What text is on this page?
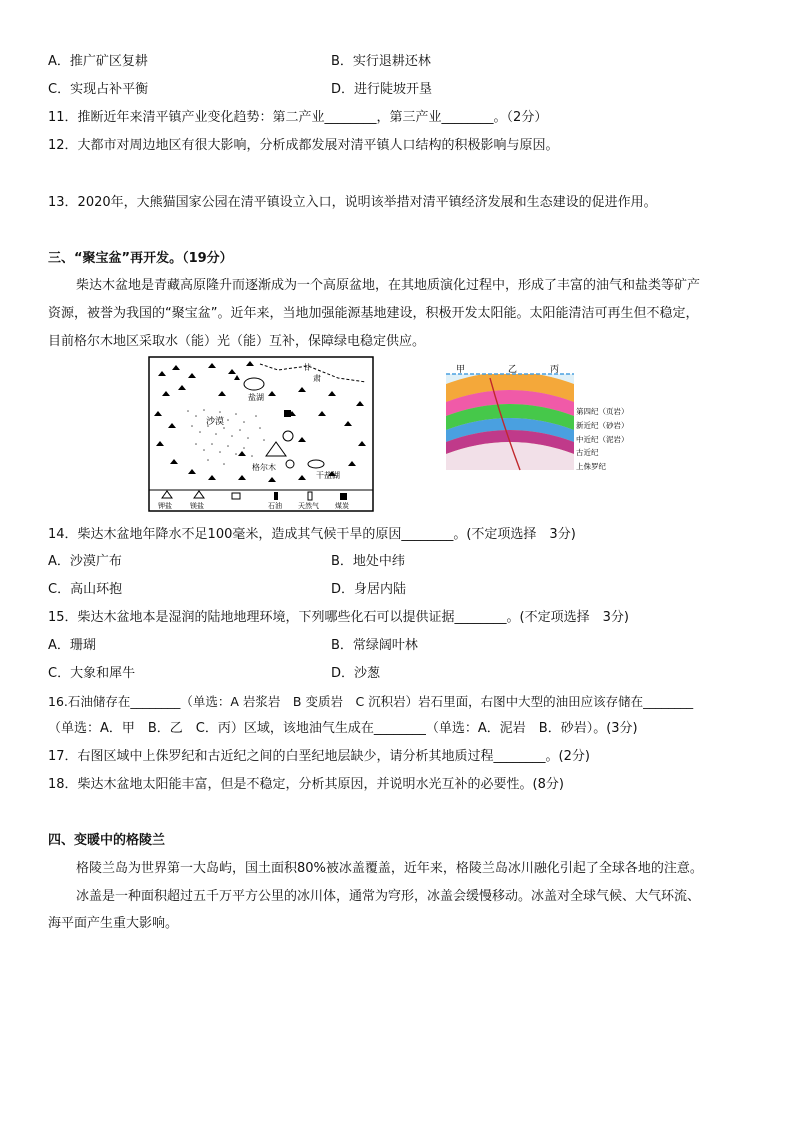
A．推广矿区复耕	B．实行退耕还林
C．实现占补平衡	D．进行陡坡开垦
11．推断近年来清平镇产业变化趋势：第二产业________，第三产业________。（2分）
12．大都市对周边地区有很大影响，分析成都发展对清平镇人口结构的积极影响与原因。
13．2020年，大熊猫国家公园在清平镇设立入口，说明该举措对清平镇经济发展和生态建设的促进作用。
三、“聚宝盆”再开发。（19分）
柴达木盆地是青藏高原隆升而逐渐成为一个高原盆地，在其地质演化过程中，形成了丰富的油气和盐类等矿产
资源，被誉为我国的“聚宝盆”。近年来，当地加强能源基地建设，积极开发太阳能。太阳能清洁可再生但不稳定，
目前格尔木地区采取水（能）光（能）互补，保障绿电稳定供应。
盐湖
甘
肃
沙漠
格尔木
干盐湖
钾盐	镁盐	石油 天然气 煤炭
甲	乙	丙
第四纪（页岩）
新近纪（砂岩）
中近纪（泥岩）
古近纪
上侏罗纪
14．柴达木盆地年降水不足100毫米，造成其气候干旱的原因________。(不定项选择　3分)
A．沙漠广布	B．地处中纬
C．高山环抱	D．身居内陆
15．柴达木盆地本是湿润的陆地地理环境，下列哪些化石可以提供证据________。(不定项选择　3分)
A．珊瑚	B．常绿阔叶林
C．大象和犀牛	D．沙葱
16.石油储存在________（单选：A 岩浆岩　B 变质岩　C 沉积岩）岩石里面，右图中大型的油田应该存储在________
（单选：A．甲　B．乙　C．丙）区域，该地油气生成在________（单选：A．泥岩　B．砂岩）。(3分)
17．右图区域中上侏罗纪和古近纪之间的白垩纪地层缺少，请分析其地质过程________。(2分)
18．柴达木盆地太阳能丰富，但是不稳定，分析其原因，并说明水光互补的必要性。(8分)
四、变暖中的格陵兰
格陵兰岛为世界第一大岛屿，国土面积80%被冰盖覆盖，近年来，格陵兰岛冰川融化引起了全球各地的注意。
冰盖是一种面积超过五千万平方公里的冰川体，通常为穹形，冰盖会缓慢移动。冰盖对全球气候、大气环流、
海平面产生重大影响。
